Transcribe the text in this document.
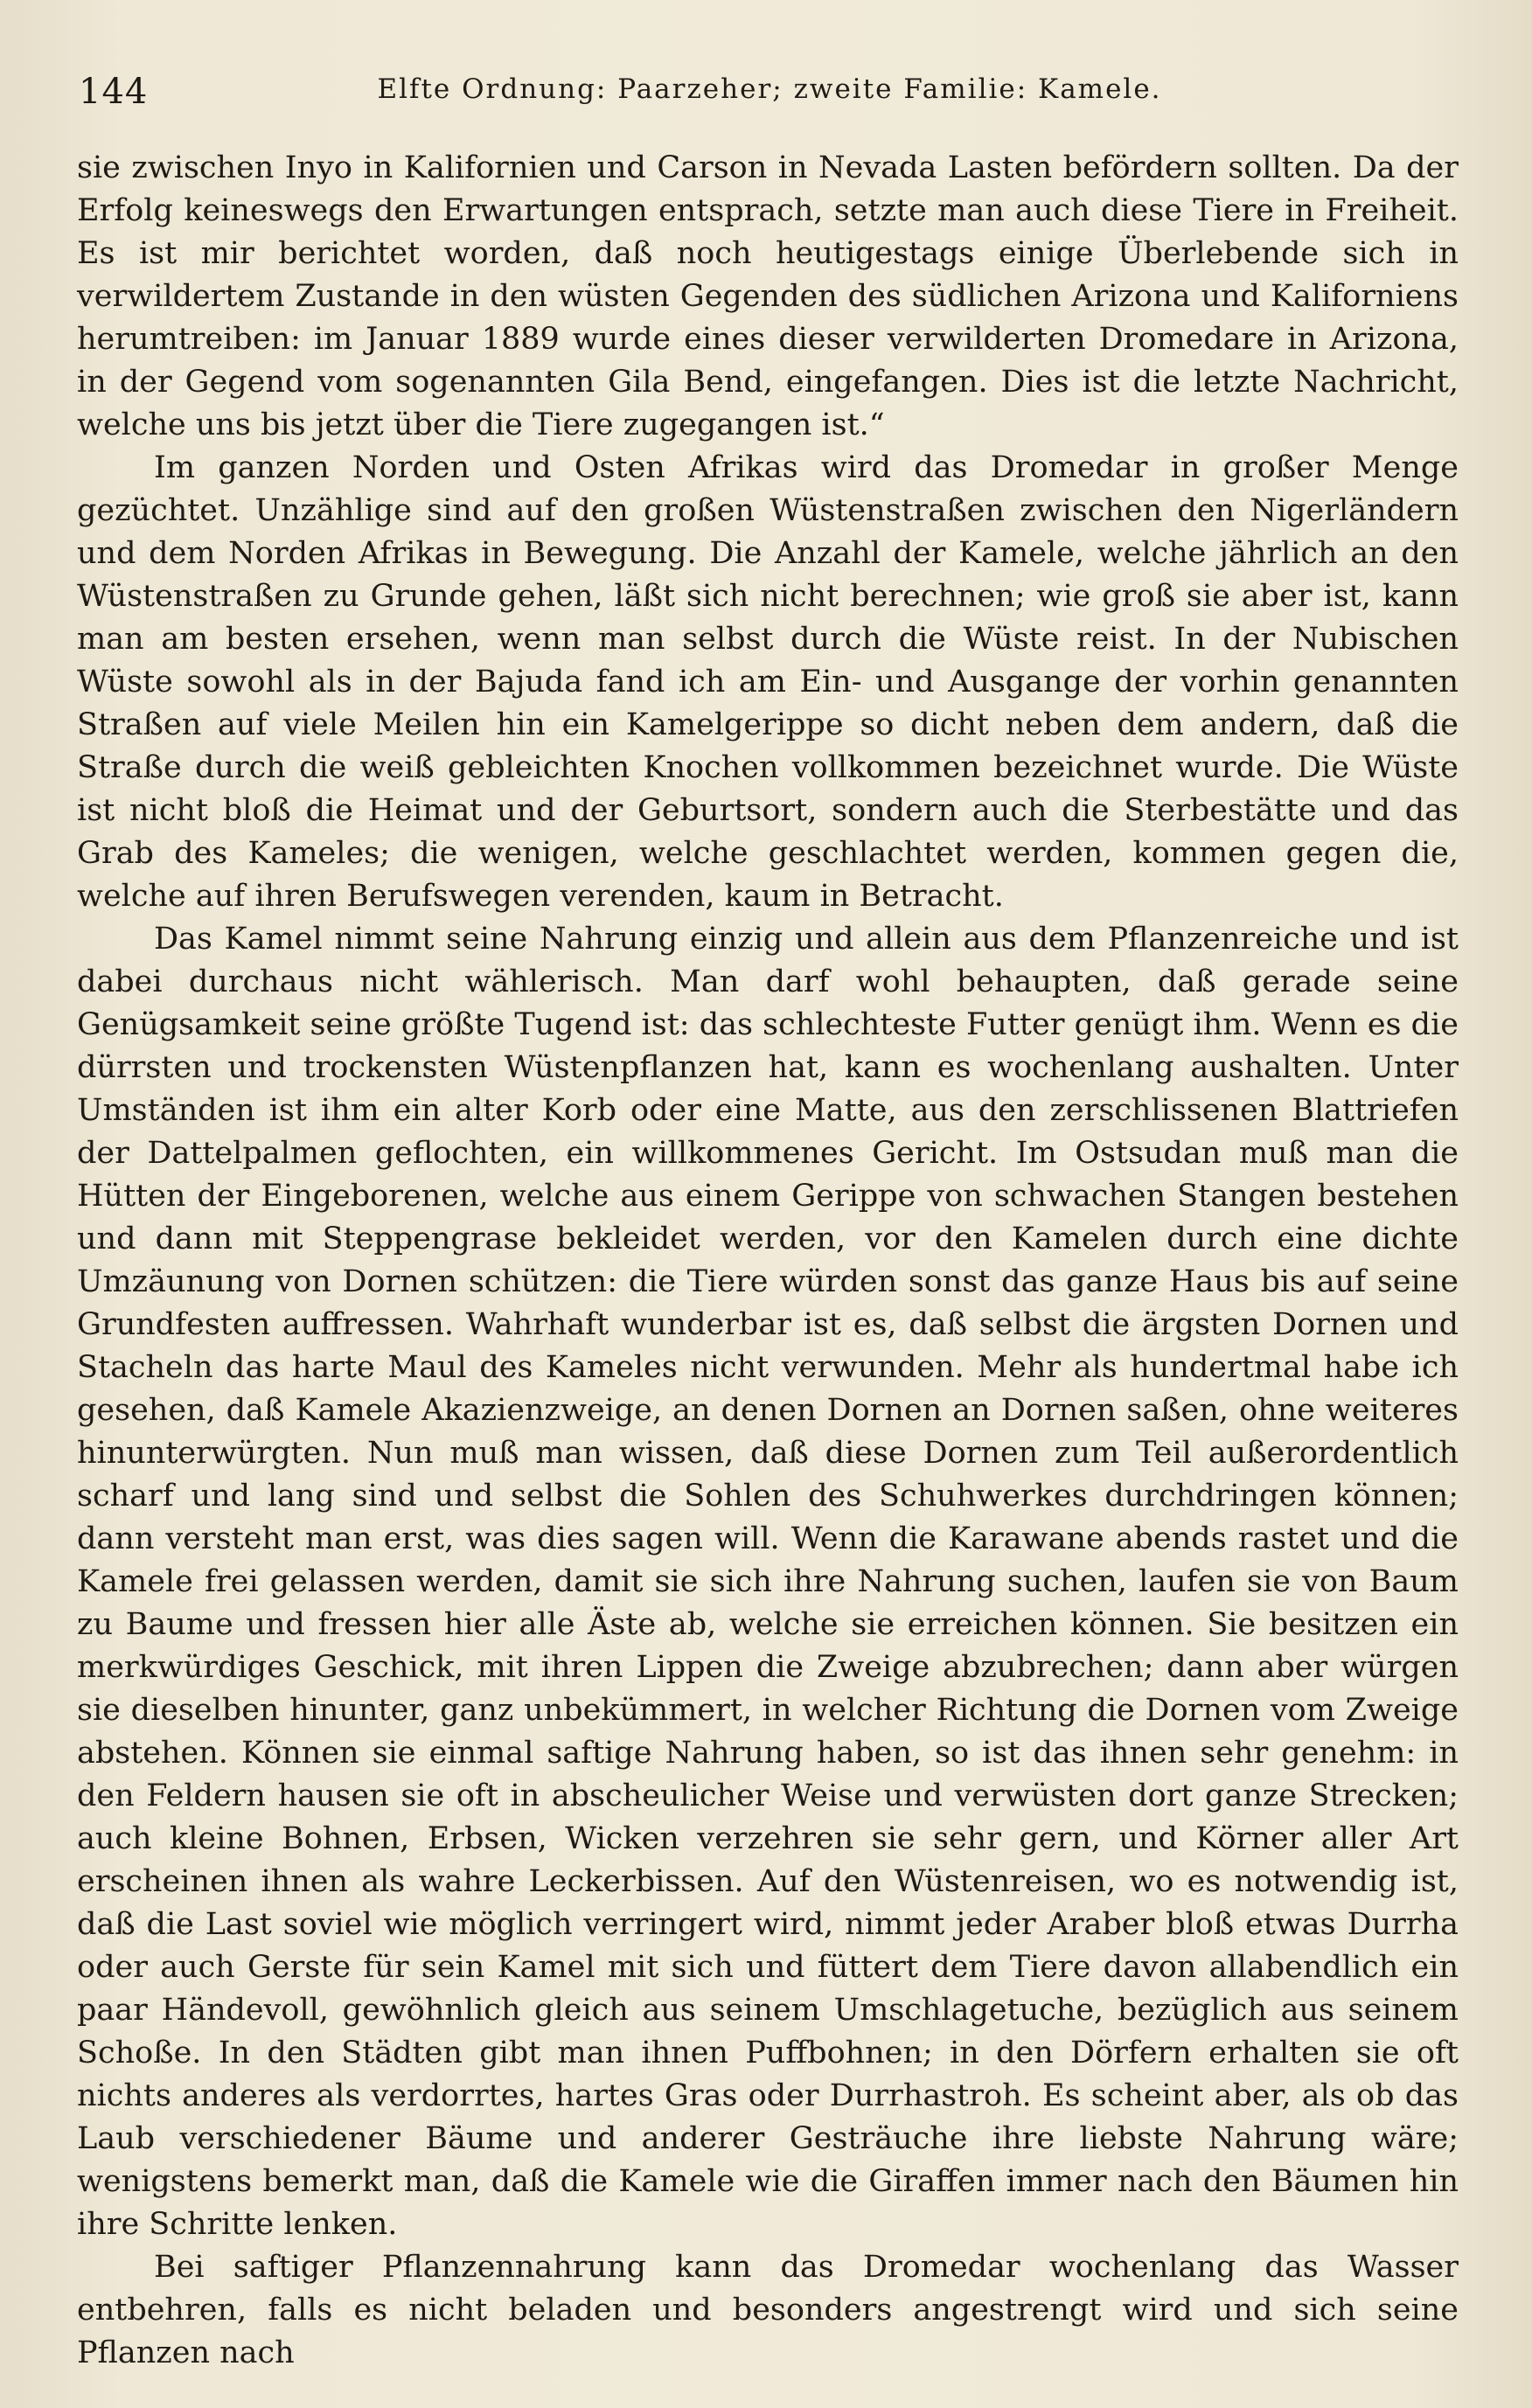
144	Elfte Ordnung: Paarzeher; zweite Familie: Kamele.

sie zwischen Inyo in Kalifornien und Carson in Nevada Lasten befördern sollten. Da der Erfolg keineswegs den Erwartungen entsprach, setzte man auch diese Tiere in Freiheit. Es ist mir berichtet worden, daß noch heutigestags einige Überlebende sich in verwildertem Zustande in den wüsten Gegenden des südlichen Arizona und Kaliforniens herumtreiben: im Januar 1889 wurde eines dieser verwilderten Dromedare in Arizona, in der Gegend vom sogenannten Gila Bend, eingefangen. Dies ist die letzte Nachricht, welche uns bis jetzt über die Tiere zugegangen ist.“

Im ganzen Norden und Osten Afrikas wird das Dromedar in großer Menge gezüchtet. Unzählige sind auf den großen Wüstenstraßen zwischen den Nigerländern und dem Norden Afrikas in Bewegung. Die Anzahl der Kamele, welche jährlich an den Wüstenstraßen zu Grunde gehen, läßt sich nicht berechnen; wie groß sie aber ist, kann man am besten ersehen, wenn man selbst durch die Wüste reist. In der Nubischen Wüste sowohl als in der Bajuda fand ich am Ein- und Ausgange der vorhin genannten Straßen auf viele Meilen hin ein Kamelgerippe so dicht neben dem andern, daß die Straße durch die weiß gebleichten Knochen vollkommen bezeichnet wurde. Die Wüste ist nicht bloß die Heimat und der Geburtsort, sondern auch die Sterbestätte und das Grab des Kameles; die wenigen, welche geschlachtet werden, kommen gegen die, welche auf ihren Berufswegen verenden, kaum in Betracht.

Das Kamel nimmt seine Nahrung einzig und allein aus dem Pflanzenreiche und ist dabei durchaus nicht wählerisch. Man darf wohl behaupten, daß gerade seine Genügsamkeit seine größte Tugend ist: das schlechteste Futter genügt ihm. Wenn es die dürrsten und trockensten Wüstenpflanzen hat, kann es wochenlang aushalten. Unter Umständen ist ihm ein alter Korb oder eine Matte, aus den zerschlissenen Blattriefen der Dattelpalmen geflochten, ein willkommenes Gericht. Im Ostsudan muß man die Hütten der Eingeborenen, welche aus einem Gerippe von schwachen Stangen bestehen und dann mit Steppengrase bekleidet werden, vor den Kamelen durch eine dichte Umzäunung von Dornen schützen: die Tiere würden sonst das ganze Haus bis auf seine Grundfesten auffressen. Wahrhaft wunderbar ist es, daß selbst die ärgsten Dornen und Stacheln das harte Maul des Kameles nicht verwunden. Mehr als hundertmal habe ich gesehen, daß Kamele Akazienzweige, an denen Dornen an Dornen saßen, ohne weiteres hinunterwürgten. Nun muß man wissen, daß diese Dornen zum Teil außerordentlich scharf und lang sind und selbst die Sohlen des Schuhwerkes durchdringen können; dann versteht man erst, was dies sagen will. Wenn die Karawane abends rastet und die Kamele frei gelassen werden, damit sie sich ihre Nahrung suchen, laufen sie von Baum zu Baume und fressen hier alle Äste ab, welche sie erreichen können. Sie besitzen ein merkwürdiges Geschick, mit ihren Lippen die Zweige abzubrechen; dann aber würgen sie dieselben hinunter, ganz unbekümmert, in welcher Richtung die Dornen vom Zweige abstehen. Können sie einmal saftige Nahrung haben, so ist das ihnen sehr genehm: in den Feldern hausen sie oft in abscheulicher Weise und verwüsten dort ganze Strecken; auch kleine Bohnen, Erbsen, Wicken verzehren sie sehr gern, und Körner aller Art erscheinen ihnen als wahre Leckerbissen. Auf den Wüstenreisen, wo es notwendig ist, daß die Last soviel wie möglich verringert wird, nimmt jeder Araber bloß etwas Durrha oder auch Gerste für sein Kamel mit sich und füttert dem Tiere davon allabendlich ein paar Händevoll, gewöhnlich gleich aus seinem Umschlagetuche, bezüglich aus seinem Schoße. In den Städten gibt man ihnen Puffbohnen; in den Dörfern erhalten sie oft nichts anderes als verdorrtes, hartes Gras oder Durrhastroh. Es scheint aber, als ob das Laub verschiedener Bäume und anderer Gesträuche ihre liebste Nahrung wäre; wenigstens bemerkt man, daß die Kamele wie die Giraffen immer nach den Bäumen hin ihre Schritte lenken.

Bei saftiger Pflanzennahrung kann das Dromedar wochenlang das Wasser entbehren, falls es nicht beladen und besonders angestrengt wird und sich seine Pflanzen nach
